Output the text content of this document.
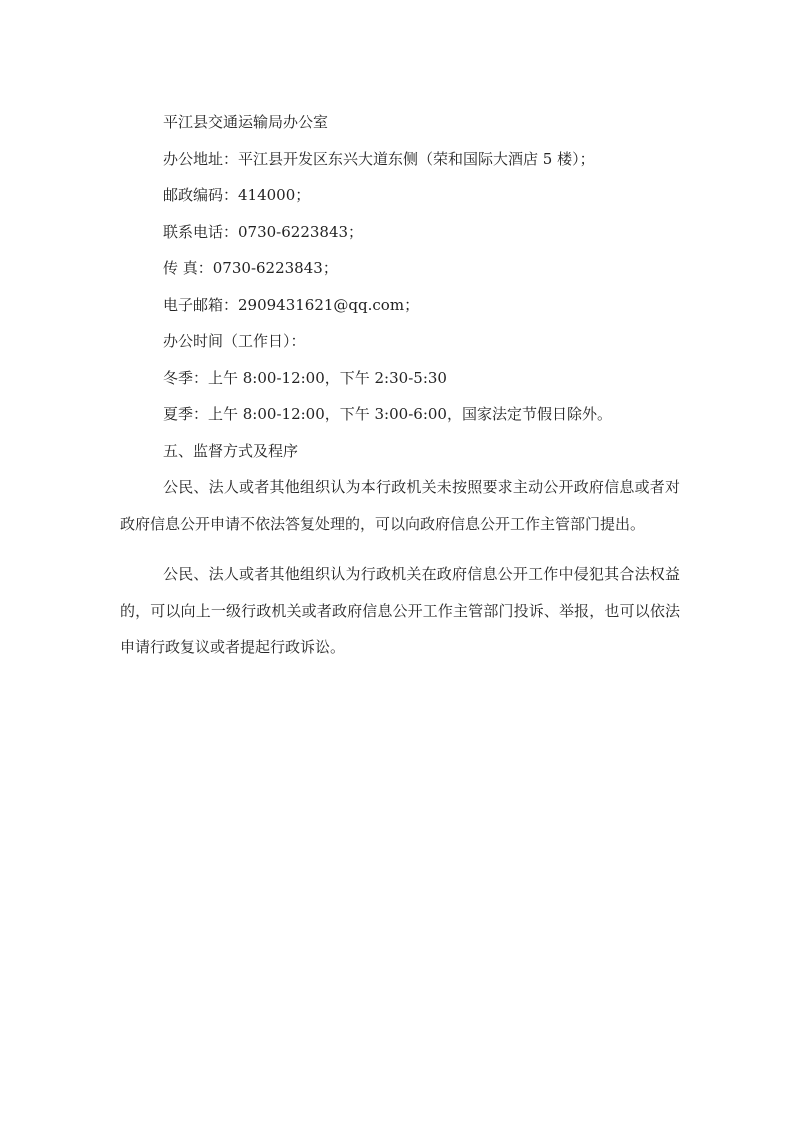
平江县交通运输局办公室
办公地址：平江县开发区东兴大道东侧（荣和国际大酒店 5 楼）；
邮政编码：414000；
联系电话：0730-6223843；
传 真：0730-6223843；
电子邮箱：2909431621@qq.com；
办公时间（工作日）：
冬季：上午 8:00-12:00，下午 2:30-5:30
夏季：上午 8:00-12:00，下午 3:00-6:00，国家法定节假日除外。
五、监督方式及程序

公民、法人或者其他组织认为本行政机关未按照要求主动公开政府信息或者对政府信息公开申请不依法答复处理的，可以向政府信息公开工作主管部门提出。

公民、法人或者其他组织认为行政机关在政府信息公开工作中侵犯其合法权益的，可以向上一级行政机关或者政府信息公开工作主管部门投诉、举报，也可以依法申请行政复议或者提起行政诉讼。
